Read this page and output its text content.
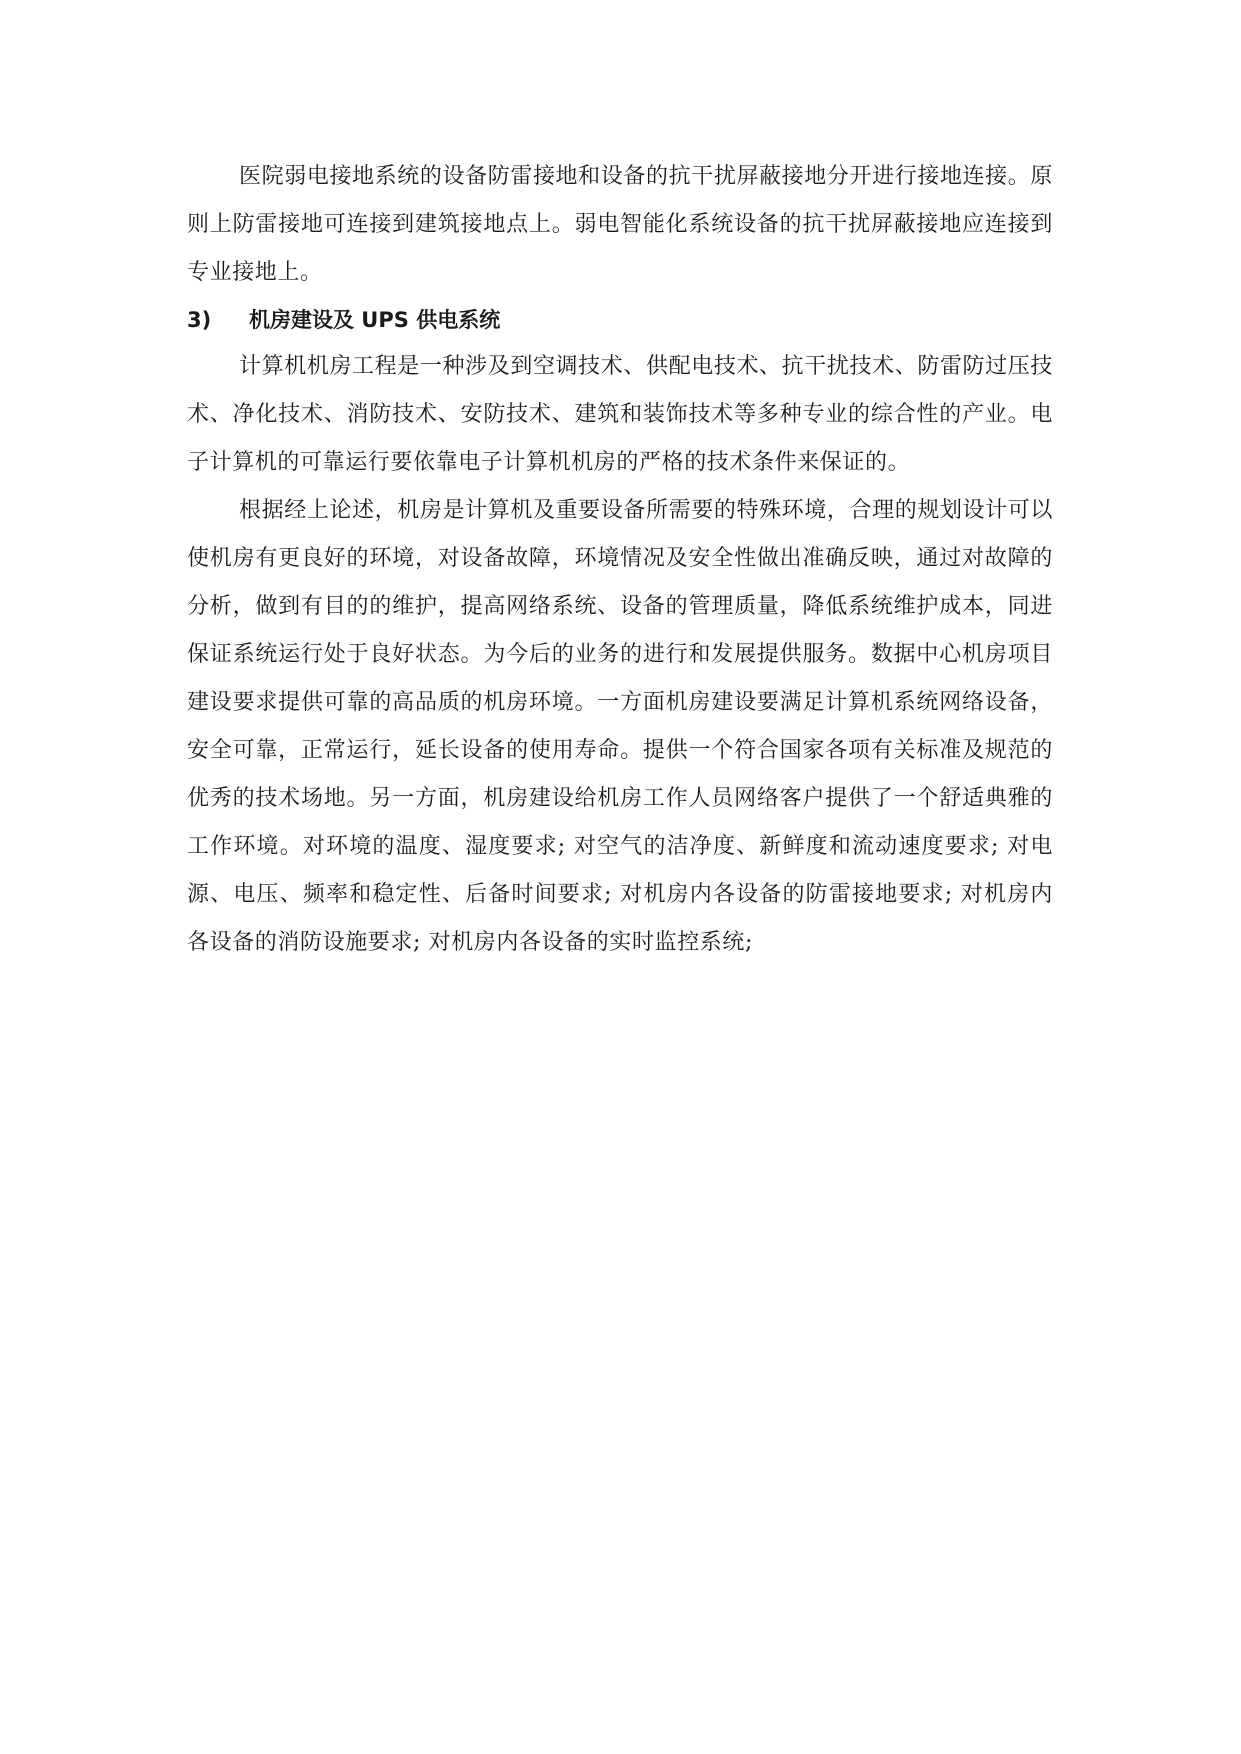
医院弱电接地系统的设备防雷接地和设备的抗干扰屏蔽接地分开进行接地连接。原则上防雷接地可连接到建筑接地点上。弱电智能化系统设备的抗干扰屏蔽接地应连接到专业接地上。

3)	机房建设及 UPS 供电系统

计算机机房工程是一种涉及到空调技术、供配电技术、抗干扰技术、防雷防过压技术、净化技术、消防技术、安防技术、建筑和装饰技术等多种专业的综合性的产业。电子计算机的可靠运行要依靠电子计算机机房的严格的技术条件来保证的。

根据经上论述，机房是计算机及重要设备所需要的特殊环境，合理的规划设计可以使机房有更良好的环境，对设备故障，环境情况及安全性做出准确反映，通过对故障的分析，做到有目的的维护，提高网络系统、设备的管理质量，降低系统维护成本，同进保证系统运行处于良好状态。为今后的业务的进行和发展提供服务。数据中心机房项目建设要求提供可靠的高品质的机房环境。一方面机房建设要满足计算机系统网络设备，安全可靠，正常运行，延长设备的使用寿命。提供一个符合国家各项有关标准及规范的优秀的技术场地。另一方面，机房建设给机房工作人员网络客户提供了一个舒适典雅的工作环境。对环境的温度、湿度要求; 对空气的洁净度、新鲜度和流动速度要求; 对电源、电压、频率和稳定性、后备时间要求; 对机房内各设备的防雷接地要求; 对机房内各设备的消防设施要求; 对机房内各设备的实时监控系统;
